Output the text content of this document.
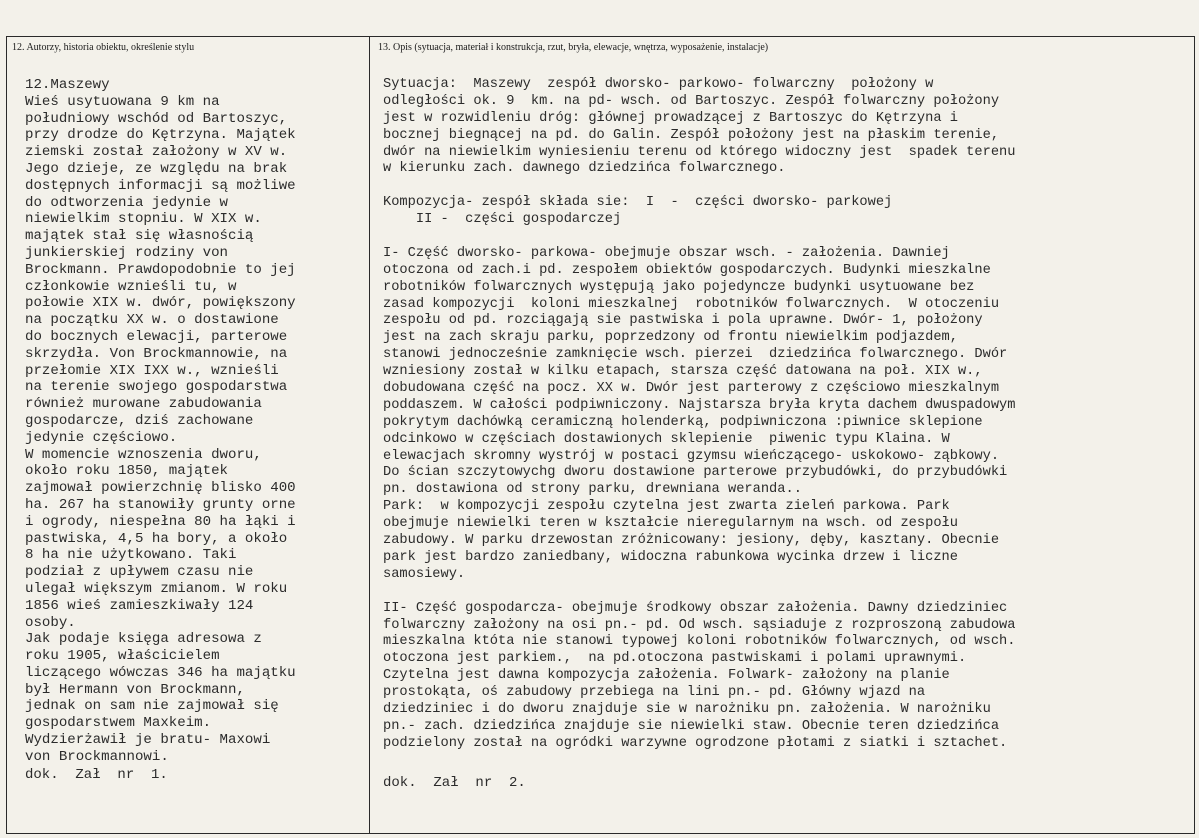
12. Autorzy, historia obiektu, określenie stylu	13. Opis (sytuacja, materiał i konstrukcja, rzut, bryła, elewacje, wnętrza, wyposażenie, instalacje)
12.Maszewy
Wieś usytuowana 9 km na
południowy wschód od Bartoszyc,
przy drodze do Kętrzyna. Majątek
ziemski został założony w XV w.
Jego dzieje, ze względu na brak
dostępnych informacji są możliwe
do odtworzenia jedynie w
niewielkim stopniu. W XIX w.
majątek stał się własnością
junkierskiej rodziny von
Brockmann. Prawdopodobnie to jej
członkowie wznieśli tu, w
połowie XIX w. dwór, powiększony
na początku XX w. o dostawione
do bocznych elewacji, parterowe
skrzydła. Von Brockmannowie, na
przełomie XIX IXX w., wznieśli
na terenie swojego gospodarstwa
również murowane zabudowania
gospodarcze, dziś zachowane
jedynie częściowo.
W momencie wznoszenia dworu,
około roku 1850, majątek
zajmował powierzchnię blisko 400
ha. 267 ha stanowiły grunty orne
i ogrody, niespełna 80 ha łąki i
pastwiska, 4,5 ha bory, a około
8 ha nie użytkowano. Taki
podział z upływem czasu nie
ulegał większym zmianom. W roku
1856 wieś zamieszkiwały 124
osoby.
Jak podaje księga adresowa z
roku 1905, właścicielem
liczącego wówczas 346 ha majątku
był Hermann von Brockmann,
jednak on sam nie zajmował się
gospodarstwem Maxkeim.
Wydzierżawił je bratu- Maxowi
von Brockmannowi.
Sytuacja:  Maszewy  zespół dworsko- parkowo- folwarczny  położony w
odległości ok. 9  km. na pd- wsch. od Bartoszyc. Zespół folwarczny położony
jest w rozwidleniu dróg: głównej prowadzącej z Bartoszyc do Kętrzyna i
bocznej biegnącej na pd. do Galin. Zespół położony jest na płaskim terenie,
dwór na niewielkim wyniesieniu terenu od którego widoczny jest  spadek terenu
w kierunku zach. dawnego dziedzińca folwarcznego.
Kompozycja- zespół składa sie:  I  -  części dworsko- parkowej
II -  części gospodarczej
I- Część dworsko- parkowa- obejmuje obszar wsch. - założenia. Dawniej
otoczona od zach.i pd. zespołem obiektów gospodarczych. Budynki mieszkalne
robotników folwarcznych występują jako pojedyncze budynki usytuowane bez
zasad kompozycji  koloni mieszkalnej  robotników folwarcznych.  W otoczeniu
zespołu od pd. rozciągają sie pastwiska i pola uprawne. Dwór- 1, położony
jest na zach skraju parku, poprzedzony od frontu niewielkim podjazdem,
stanowi jednocześnie zamknięcie wsch. pierzei  dziedzińca folwarcznego. Dwór
wzniesiony został w kilku etapach, starsza część datowana na poł. XIX w.,
dobudowana część na pocz. XX w. Dwór jest parterowy z częściowo mieszkalnym
poddaszem. W całości podpiwniczony. Najstarsza bryła kryta dachem dwuspadowym
pokrytym dachówką ceramiczną holenderką, podpiwniczona :piwnice sklepione
odcinkowo w częściach dostawionych sklepienie  piwenic typu Klaina. W
elewacjach skromny wystrój w postaci gzymsu wieńczącego- uskokowo- ząbkowy.
Do ścian szczytowychg dworu dostawione parterowe przybudówki, do przybudówki
pn. dostawiona od strony parku, drewniana weranda..
Park:  w kompozycji zespołu czytelna jest zwarta zieleń parkowa. Park
obejmuje niewielki teren w kształcie nieregularnym na wsch. od zespołu
zabudowy. W parku drzewostan zróżnicowany: jesiony, dęby, kasztany. Obecnie
park jest bardzo zaniedbany, widoczna rabunkowa wycinka drzew i liczne
samosiewy.
II- Część gospodarcza- obejmuje środkowy obszar założenia. Dawny dziedziniec
folwarczny założony na osi pn.- pd. Od wsch. sąsiaduje z rozproszoną zabudowa
mieszkalna któta nie stanowi typowej koloni robotników folwarcznych, od wsch.
otoczona jest parkiem.,  na pd.otoczona pastwiskami i polami uprawnymi.
Czytelna jest dawna kompozycja założenia. Folwark- założony na planie
prostokąta, oś zabudowy przebiega na lini pn.- pd. Główny wjazd na
dziedziniec i do dworu znajduje sie w narożniku pn. założenia. W narożniku
pn.- zach. dziedzińca znajduje sie niewielki staw. Obecnie teren dziedzińca
podzielony został na ogródki warzywne ogrodzone płotami z siatki i sztachet.
dok.  Zał  nr  1.	dok.  Zał  nr  2.
